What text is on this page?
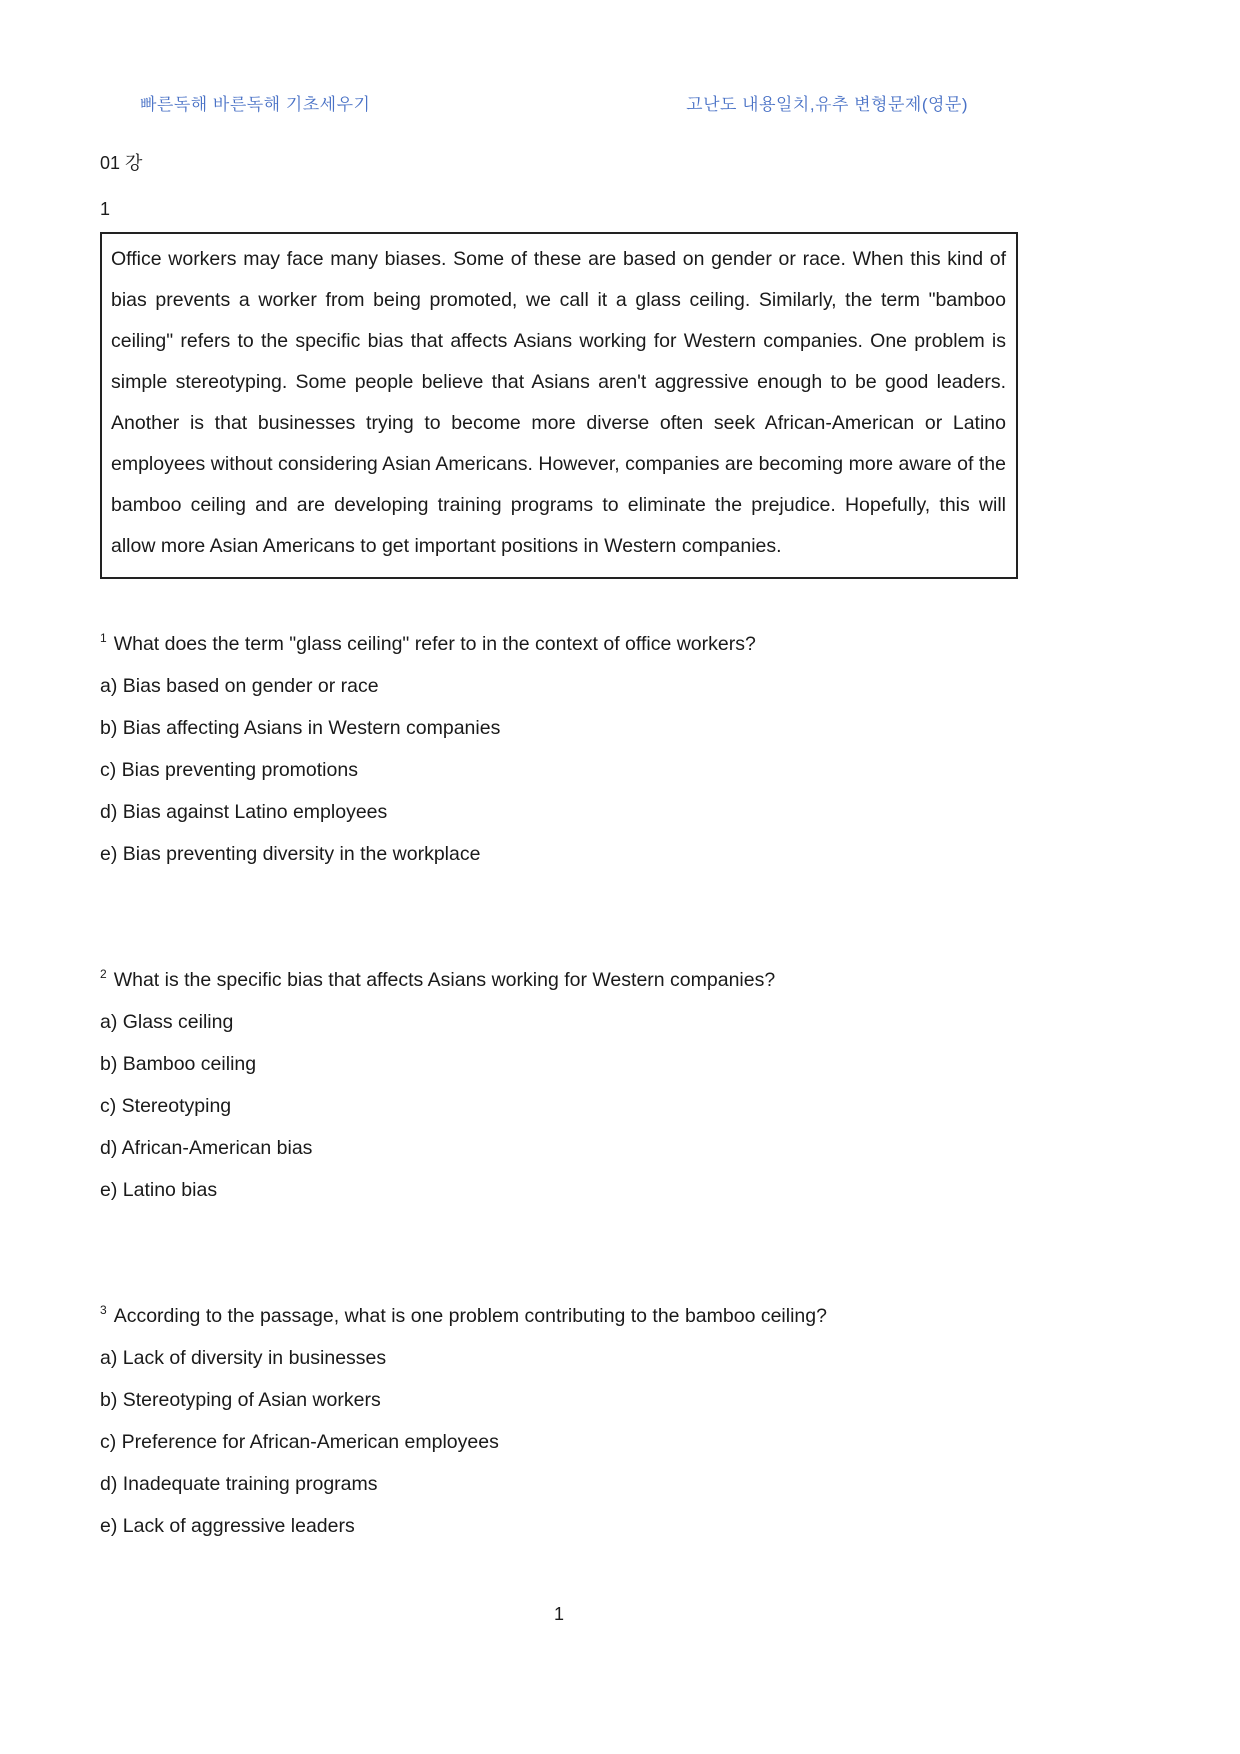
빠른독해 바른독해 기초세우기	고난도 내용일치,유추 변형문제(영문)
01 강
1

Office workers may face many biases. Some of these are based on gender or race. When this kind of bias prevents a worker from being promoted, we call it a glass ceiling. Similarly, the term "bamboo ceiling" refers to the specific bias that affects Asians working for Western companies. One problem is simple stereotyping. Some people believe that Asians aren't aggressive enough to be good leaders. Another is that businesses trying to become more diverse often seek African-American or Latino employees without considering Asian Americans. However, companies are becoming more aware of the bamboo ceiling and are developing training programs to eliminate the prejudice. Hopefully, this will allow more Asian Americans to get important positions in Western companies.

$^1$ What does the term "glass ceiling" refer to in the context of office workers?

a) Bias based on gender or race

b) Bias affecting Asians in Western companies

c) Bias preventing promotions

d) Bias against Latino employees

e) Bias preventing diversity in the workplace

$^2$ What is the specific bias that affects Asians working for Western companies?

a) Glass ceiling

b) Bamboo ceiling

c) Stereotyping

d) African-American bias

e) Latino bias

$^3$ According to the passage, what is one problem contributing to the bamboo ceiling?

a) Lack of diversity in businesses

b) Stereotyping of Asian workers

c) Preference for African-American employees

d) Inadequate training programs

e) Lack of aggressive leaders

1
